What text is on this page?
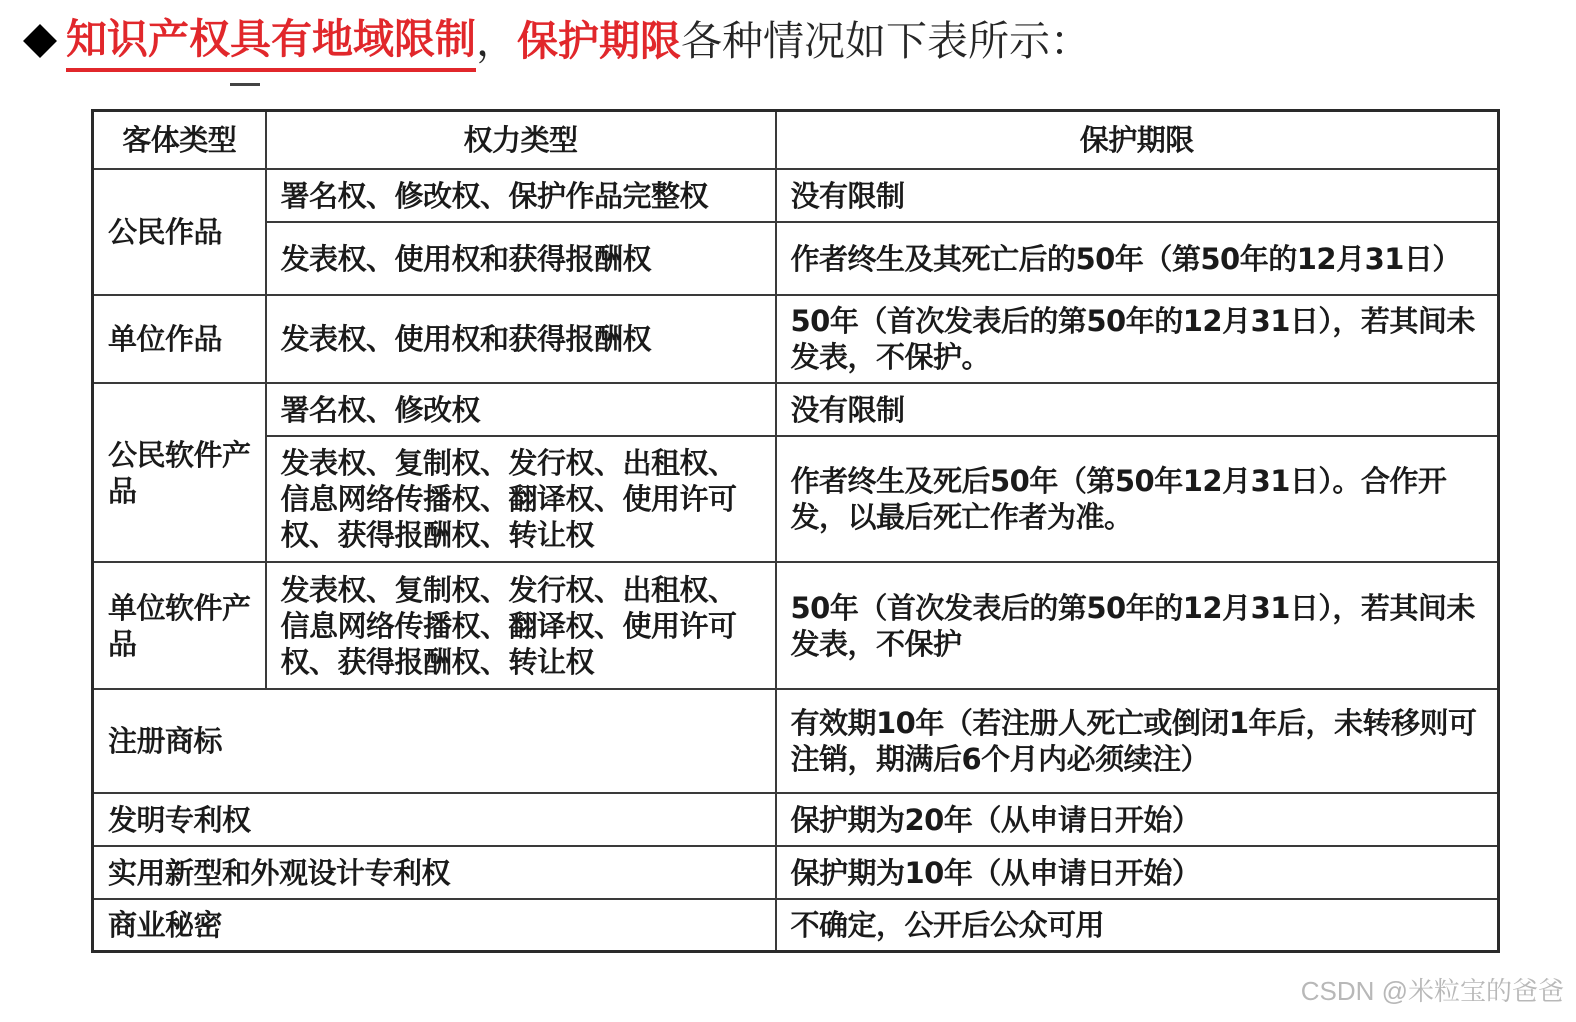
知识产权具有地域限制 ， 保护期限 各种情况如下表所示：
客体类型	权力类型	保护期限
公民作品	署名权、修改权、保护作品完整权	没有限制
	发表权、使用权和获得报酬权	作者终生及其死亡后的50年（第50年的12月31日）
单位作品	发表权、使用权和获得报酬权	50年（首次发表后的第50年的12月31日），若其间未发表，不保护。
公民软件产品	署名权、修改权	没有限制
	发表权、复制权、发行权、出租权、信息网络传播权、翻译权、使用许可权、获得报酬权、转让权	作者终生及死后50年（第50年12月31日）。合作开发，以最后死亡作者为准。
单位软件产品	发表权、复制权、发行权、出租权、信息网络传播权、翻译权、使用许可权、获得报酬权、转让权	50年（首次发表后的第50年的12月31日），若其间未发表，不保护
注册商标		有效期10年（若注册人死亡或倒闭1年后，未转移则可注销，期满后6个月内必须续注）
发明专利权		保护期为20年（从申请日开始）
实用新型和外观设计专利权		保护期为10年（从申请日开始）
商业秘密		不确定，公开后公众可用
CSDN @米粒宝的爸爸
